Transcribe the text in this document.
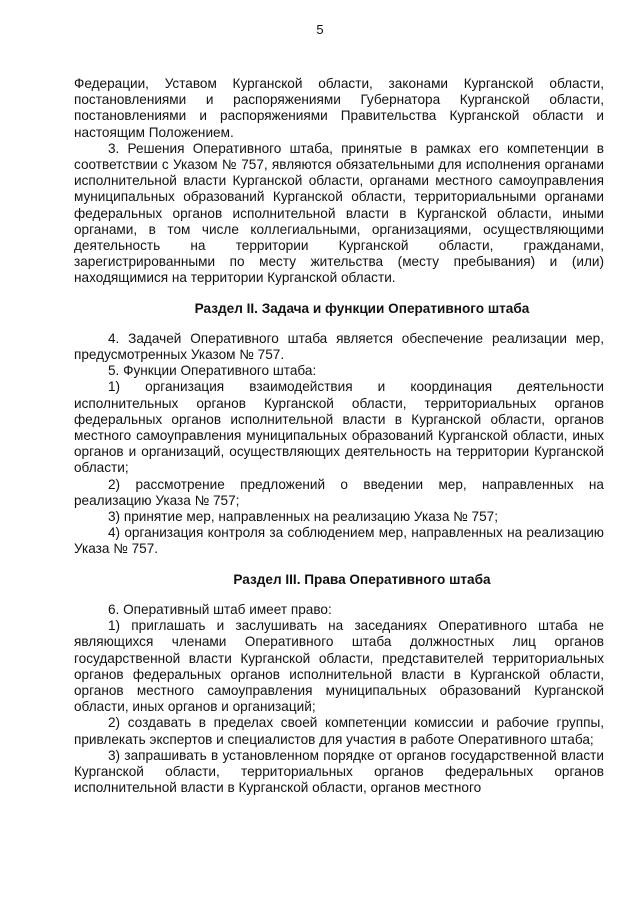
5

Федерации, Уставом Курганской области, законами Курганской области, постановлениями и распоряжениями Губернатора Курганской области, постановлениями и распоряжениями Правительства Курганской области и настоящим Положением.

3. Решения Оперативного штаба, принятые в рамках его компетенции в соответствии с Указом № 757, являются обязательными для исполнения органами исполнительной власти Курганской области, органами местного самоуправления муниципальных образований Курганской области, территориальными органами федеральных органов исполнительной власти в Курганской области, иными органами, в том числе коллегиальными, организациями, осуществляющими деятельность на территории Курганской области, гражданами, зарегистрированными по месту жительства (месту пребывания) и (или) находящимися на территории Курганской области.

Раздел II. Задача и функции Оперативного штаба

4. Задачей Оперативного штаба является обеспечение реализации мер, предусмотренных Указом № 757.

5. Функции Оперативного штаба:

1) организация взаимодействия и координация деятельности исполнительных органов Курганской области, территориальных органов федеральных органов исполнительной власти в Курганской области, органов местного самоуправления муниципальных образований Курганской области, иных органов и организаций, осуществляющих деятельность на территории Курганской области;

2) рассмотрение предложений о введении мер, направленных на реализацию Указа № 757;

3) принятие мер, направленных на реализацию Указа № 757;

4) организация контроля за соблюдением мер, направленных на реализацию Указа № 757.

Раздел III. Права Оперативного штаба

6. Оперативный штаб имеет право:

1) приглашать и заслушивать на заседаниях Оперативного штаба не являющихся членами Оперативного штаба должностных лиц органов государственной власти Курганской области, представителей территориальных органов федеральных органов исполнительной власти в Курганской области, органов местного самоуправления муниципальных образований Курганской области, иных органов и организаций;

2) создавать в пределах своей компетенции комиссии и рабочие группы, привлекать экспертов и специалистов для участия в работе Оперативного штаба;

3) запрашивать в установленном порядке от органов государственной власти Курганской области, территориальных органов федеральных органов исполнительной власти в Курганской области, органов местного
